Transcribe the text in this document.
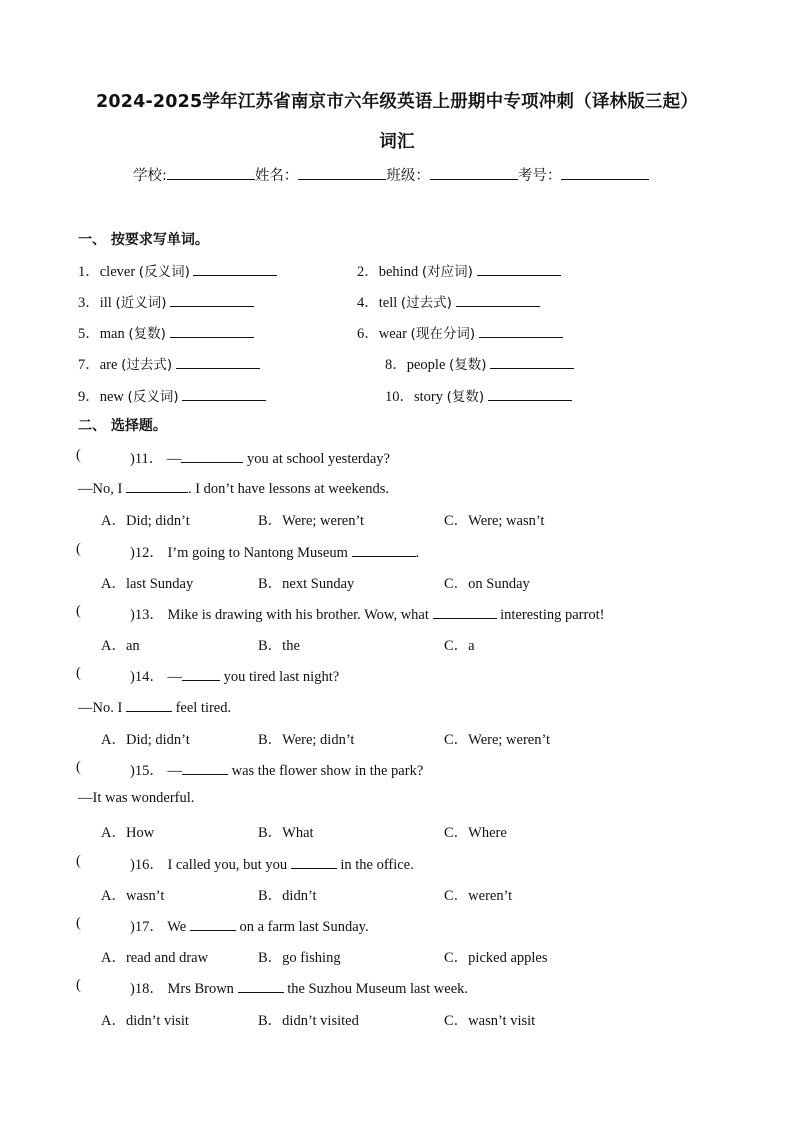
2024-2025学年江苏省南京市六年级英语上册期中专项冲刺（译林版三起）
词汇
学校:	姓名：	班级：	考号：
一、 按要求写单词。
1．clever (反义词)	2．behind (对应词)
3．ill (近义词)	4．tell (过去式)
5．man (复数)	6．wear (现在分词)
7．are (过去式)	8．people (复数)
9．new (反义词)	10．story (复数)
二、 选择题。
(	)11． —	you at school yesterday?
—No, I	. I don’t have lessons at weekends.
A．Did; didn’t	B．Were; weren’t	C．Were; wasn’t
(	)12． I’m going to Nantong Museum	.
A．last Sunday	B．next Sunday	C．on Sunday
(	)13． Mike is drawing with his brother. Wow, what	interesting parrot!
A．an	B．the	C．a
(	)14． —	you tired last night?
—No. I	feel tired.
A．Did; didn’t	B．Were; didn’t	C．Were; weren’t
(	)15． —	was the flower show in the park?
—It was wonderful.
A．How	B．What	C．Where
(	)16． I called you, but you	in the office.
A．wasn’t	B．didn’t	C．weren’t
(	)17． We	on a farm last Sunday.
A．read and draw	B．go fishing	C．picked apples
(	)18． Mrs Brown	the Suzhou Museum last week.
A．didn’t visit	B．didn’t visited	C．wasn’t visit
